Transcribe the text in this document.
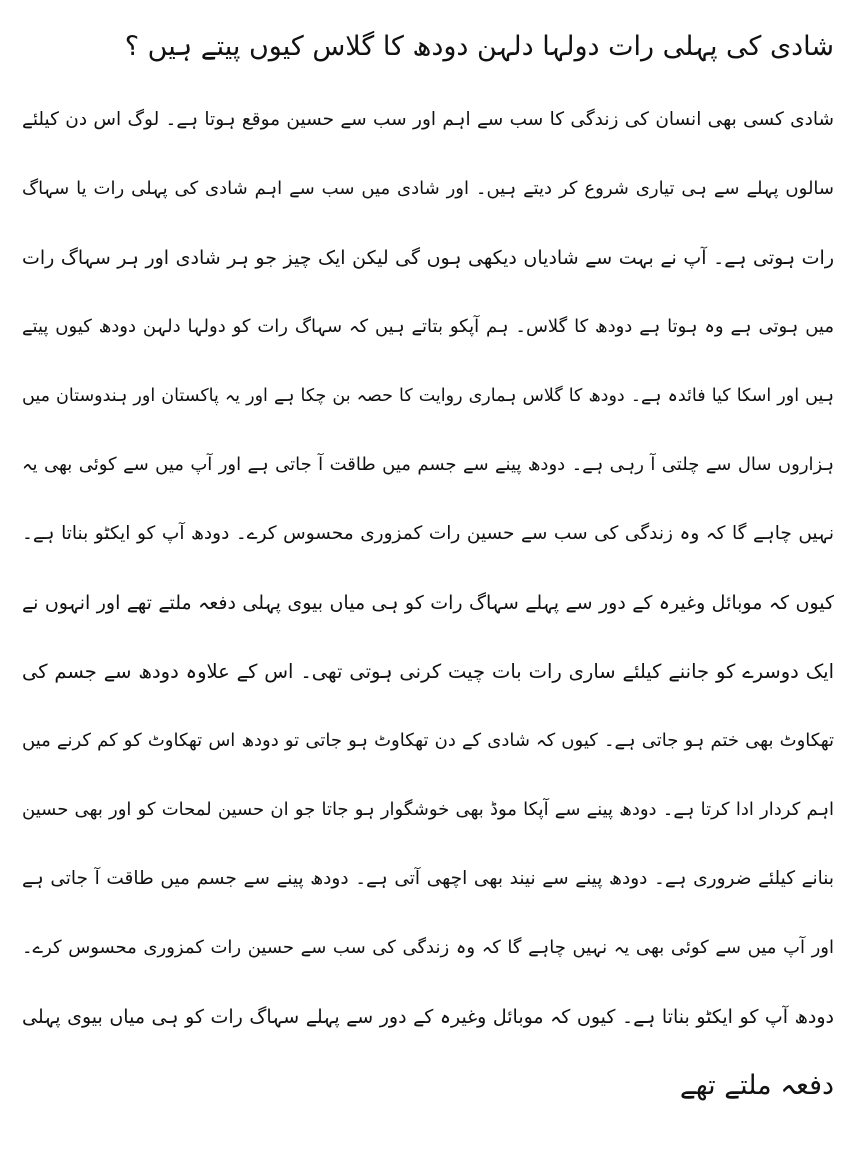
شادی کی پہلی رات دولہا دلہن دودھ کا گلاس کیوں پیتے ہیں ؟
شادی کسی بھی انسان کی زندگی کا سب سے اہم اور سب سے حسین موقع ہوتا ہے۔ لوگ اس دن کیلئے
سالوں پہلے سے ہی تیاری شروع کر دیتے ہیں۔ اور شادی میں سب سے اہم شادی کی پہلی رات یا سہاگ
رات ہوتی ہے۔ آپ نے بہت سے شادیاں دیکھی ہوں گی لیکن ایک چیز جو ہر شادی اور ہر سہاگ رات
میں ہوتی ہے وہ ہوتا ہے دودھ کا گلاس۔ ہم آپکو بتاتے ہیں کہ سہاگ رات کو دولہا دلہن دودھ کیوں پیتے
ہیں اور اسکا کیا فائدہ ہے۔ دودھ کا گلاس ہماری روایت کا حصہ بن چکا ہے اور یہ پاکستان اور ہندوستان میں
ہزاروں سال سے چلتی آ رہی ہے۔ دودھ پینے سے جسم میں طاقت آ جاتی ہے اور آپ میں سے کوئی بھی یہ
نہیں چاہے گا کہ وہ زندگی کی سب سے حسین رات کمزوری محسوس کرے۔ دودھ آپ کو ایکٹو بناتا ہے۔
کیوں کہ موبائل وغیرہ کے دور سے پہلے سہاگ رات کو ہی میاں بیوی پہلی دفعہ ملتے تھے اور انہوں نے
ایک دوسرے کو جاننے کیلئے ساری رات بات چیت کرنی ہوتی تھی۔ اس کے علاوہ دودھ سے جسم کی
تھکاوٹ بھی ختم ہو جاتی ہے۔ کیوں کہ شادی کے دن تھکاوٹ ہو جاتی تو دودھ اس تھکاوٹ کو کم کرنے میں
اہم کردار ادا کرتا ہے۔ دودھ پینے سے آپکا موڈ بھی خوشگوار ہو جاتا جو ان حسین لمحات کو اور بھی حسین
بنانے کیلئے ضروری ہے۔ دودھ پینے سے نیند بھی اچھی آتی ہے۔ دودھ پینے سے جسم میں طاقت آ جاتی ہے
اور آپ میں سے کوئی بھی یہ نہیں چاہے گا کہ وہ زندگی کی سب سے حسین رات کمزوری محسوس کرے۔
دودھ آپ کو ایکٹو بناتا ہے۔ کیوں کہ موبائل وغیرہ کے دور سے پہلے سہاگ رات کو ہی میاں بیوی پہلی
دفعہ ملتے تھے
